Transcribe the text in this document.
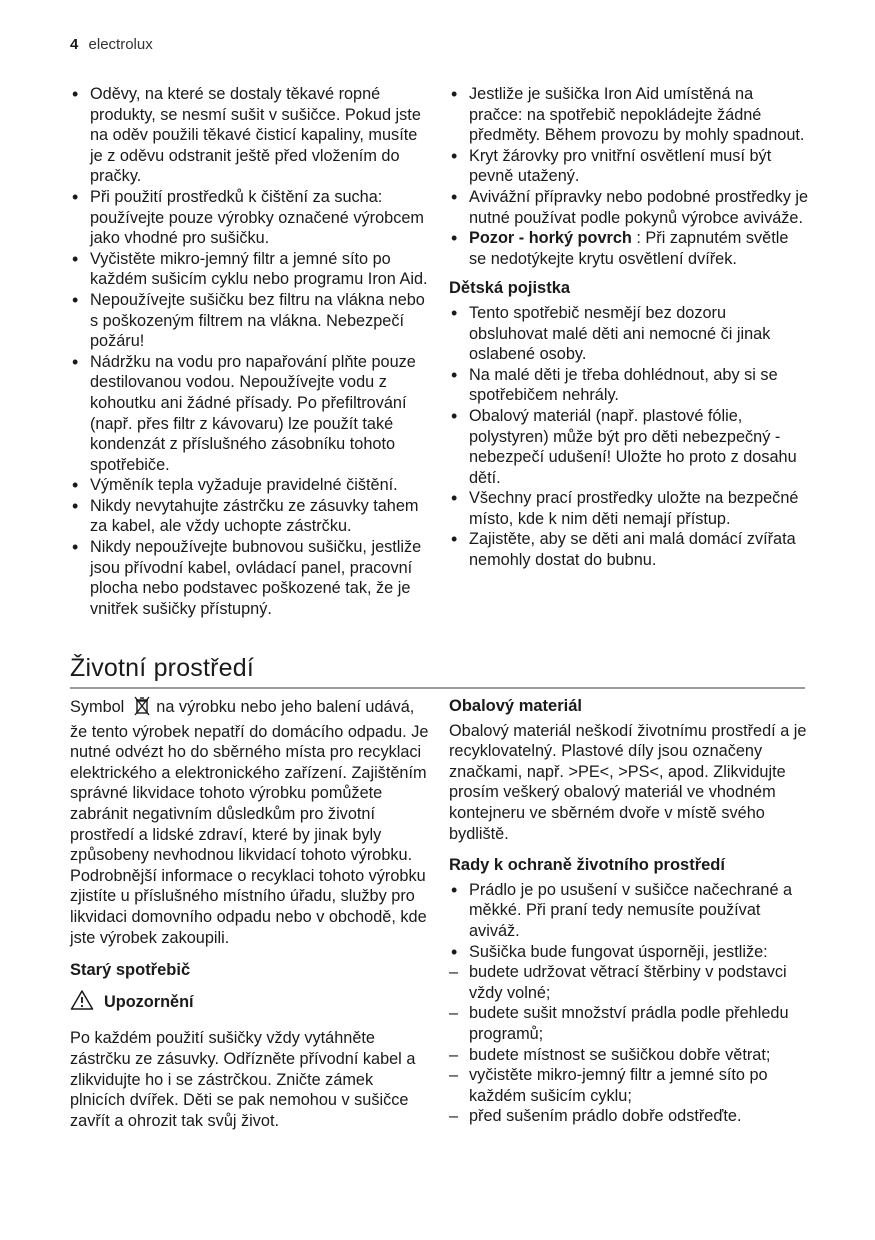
4 electrolux
• Oděvy, na které se dostaly těkavé ropné produkty, se nesmí sušit v sušičce. Pokud jste na oděv použili těkavé čisticí kapaliny, musíte je z oděvu odstranit ještě před vložením do pračky.
• Při použití prostředků k čištění za sucha: používejte pouze výrobky označené výrobcem jako vhodné pro sušičku.
• Vyčistěte mikro-jemný filtr a jemné síto po každém sušicím cyklu nebo programu Iron Aid.
• Nepoužívejte sušičku bez filtru na vlákna nebo s poškozeným filtrem na vlákna. Nebezpečí požáru!
• Nádržku na vodu pro napařování plňte pouze destilovanou vodou. Nepoužívejte vodu z kohoutku ani žádné přísady. Po přefiltrování (např. přes filtr z kávovaru) lze použít také kondenzát z příslušného zásobníku tohoto spotřebiče.
• Výměník tepla vyžaduje pravidelné čištění.
• Nikdy nevytahujte zástrčku ze zásuvky tahem za kabel, ale vždy uchopte zástrčku.
• Nikdy nepoužívejte bubnovou sušičku, jestliže jsou přívodní kabel, ovládací panel, pracovní plocha nebo podstavec poškozené tak, že je vnitřek sušičky přístupný.
• Jestliže je sušička Iron Aid umístěná na pračce: na spotřebič nepokládejte žádné předměty. Během provozu by mohly spadnout.
• Kryt žárovky pro vnitřní osvětlení musí být pevně utažený.
• Avivážní přípravky nebo podobné prostředky je nutné používat podle pokynů výrobce aviváže.
• Pozor - horký povrch : Při zapnutém světle se nedotýkejte krytu osvětlení dvířek.
Dětská pojistka
• Tento spotřebič nesmějí bez dozoru obsluhovat malé děti ani nemocné či jinak oslabené osoby.
• Na malé děti je třeba dohlédnout, aby si se spotřebičem nehrály.
• Obalový materiál (např. plastové fólie, polystyren) může být pro děti nebezpečný - nebezpečí udušení! Uložte ho proto z dosahu dětí.
• Všechny prací prostředky uložte na bezpečné místo, kde k nim děti nemají přístup.
• Zajistěte, aby se děti ani malá domácí zvířata nemohly dostat do bubnu.
Životní prostředí

Symbol na výrobku nebo jeho balení udává, že tento výrobek nepatří do domácího odpadu. Je nutné odvézt ho do sběrného místa pro recyklaci elektrického a elektronického zařízení. Zajištěním správné likvidace tohoto výrobku pomůžete zabránit negativním důsledkům pro životní prostředí a lidské zdraví, které by jinak byly způsobeny nevhodnou likvidací tohoto výrobku. Podrobnější informace o recyklaci tohoto výrobku zjistíte u příslušného místního úřadu, služby pro likvidaci domovního odpadu nebo v obchodě, kde jste výrobek zakoupili.

Starý spotřebič
Upozornění

Po každém použití sušičky vždy vytáhněte zástrčku ze zásuvky. Odřízněte přívodní kabel a zlikvidujte ho i se zástrčkou. Zničte zámek plnicích dvířek. Děti se pak nemohou v sušičce zavřít a ohrozit tak svůj život.

Obalový materiál

Obalový materiál neškodí životnímu prostředí a je recyklovatelný. Plastové díly jsou označeny značkami, např. >PE<, >PS<, apod. Zlikvidujte prosím veškerý obalový materiál ve vhodném kontejneru ve sběrném dvoře v místě svého bydliště.

Rady k ochraně životního prostředí
• Prádlo je po usušení v sušičce načechrané a měkké. Při praní tedy nemusíte používat aviváž.
• Sušička bude fungovat úsporněji, jestliže:
– budete udržovat větrací štěrbiny v podstavci vždy volné;
– budete sušit množství prádla podle přehledu programů;
– budete místnost se sušičkou dobře větrat;
– vyčistěte mikro-jemný filtr a jemné síto po každém sušicím cyklu;
– před sušením prádlo dobře odstřeďte.
